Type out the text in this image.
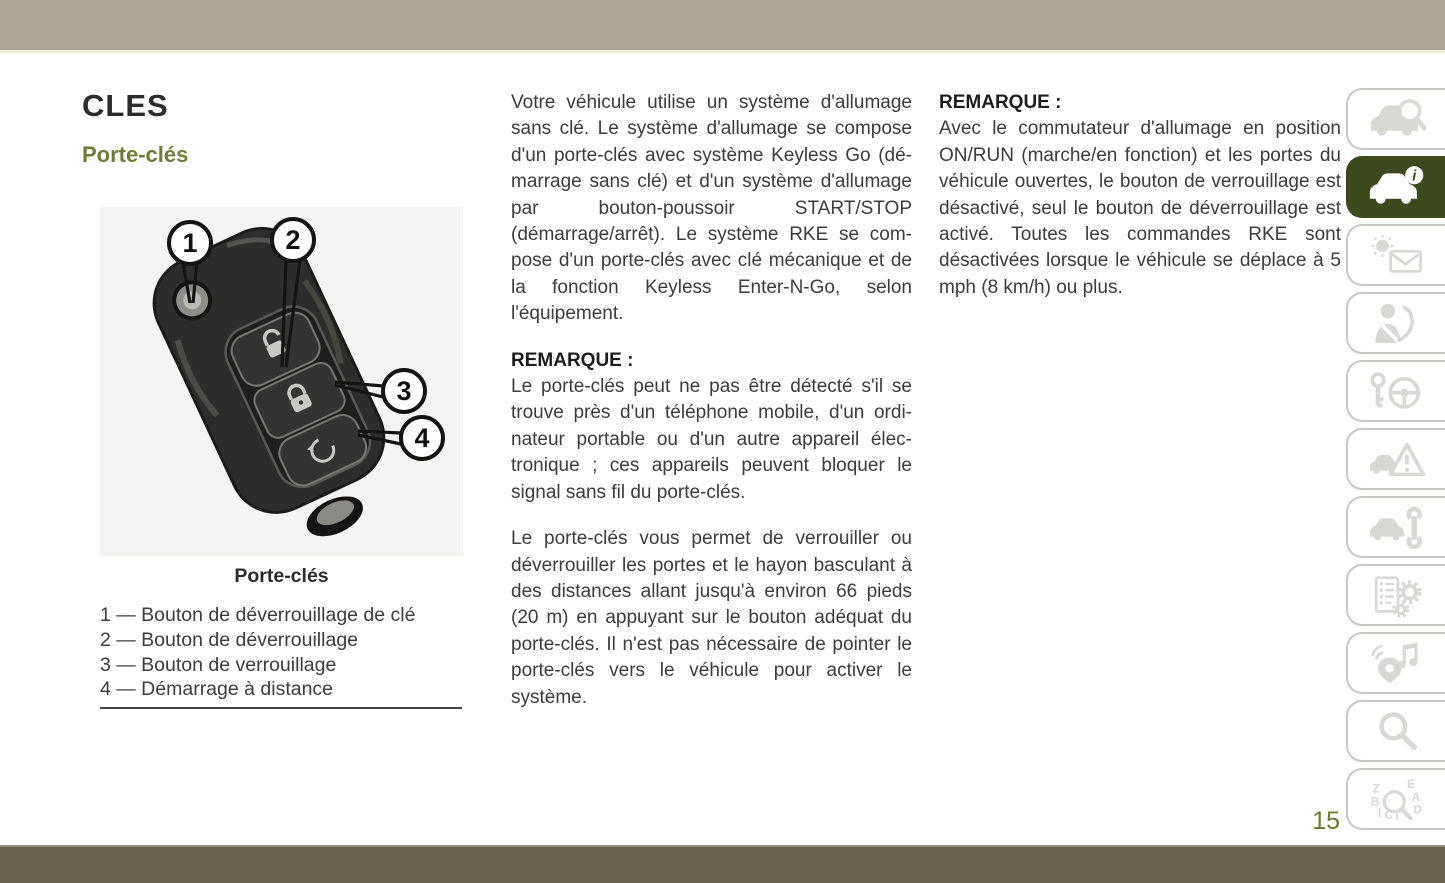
CLES
Porte-clés
1	2
3
4
Porte-clés
1 — Bouton de déverrouillage de clé
2 — Bouton de déverrouillage
3 — Bouton de verrouillage
4 — Démarrage à distance

Votre véhicule utilise un système d'allumage sans clé. Le système d'allumage se compose d'un porte-clés avec système Keyless Go (démarrage sans clé) et d'un système d'allumage par bouton-poussoir START/STOP (démarrage/arrêt). Le système RKE se compose d'un porte-clés avec clé mécanique et de la fonction Keyless Enter-N-Go, selon l'équipement.

REMARQUE :

Le porte-clés peut ne pas être détecté s'il se trouve près d'un téléphone mobile, d'un ordinateur portable ou d'un autre appareil électronique ; ces appareils peuvent bloquer le signal sans fil du porte-clés.

Le porte-clés vous permet de verrouiller ou déverrouiller les portes et le hayon basculant à des distances allant jusqu'à environ 66 pieds (20 m) en appuyant sur le bouton adéquat du porte-clés. Il n'est pas nécessaire de pointer le porte-clés vers le véhicule pour activer le système.

REMARQUE :

Avec le commutateur d'allumage en position ON/RUN (marche/en fonction) et les portes du véhicule ouvertes, le bouton de verrouillage est désactivé, seul le bouton de déverrouillage est activé. Toutes les commandes RKE sont désactivées lorsque le véhicule se déplace à 5 mph (8 km/h) ou plus.

15
i
Z
B
I C T
E
A
D
